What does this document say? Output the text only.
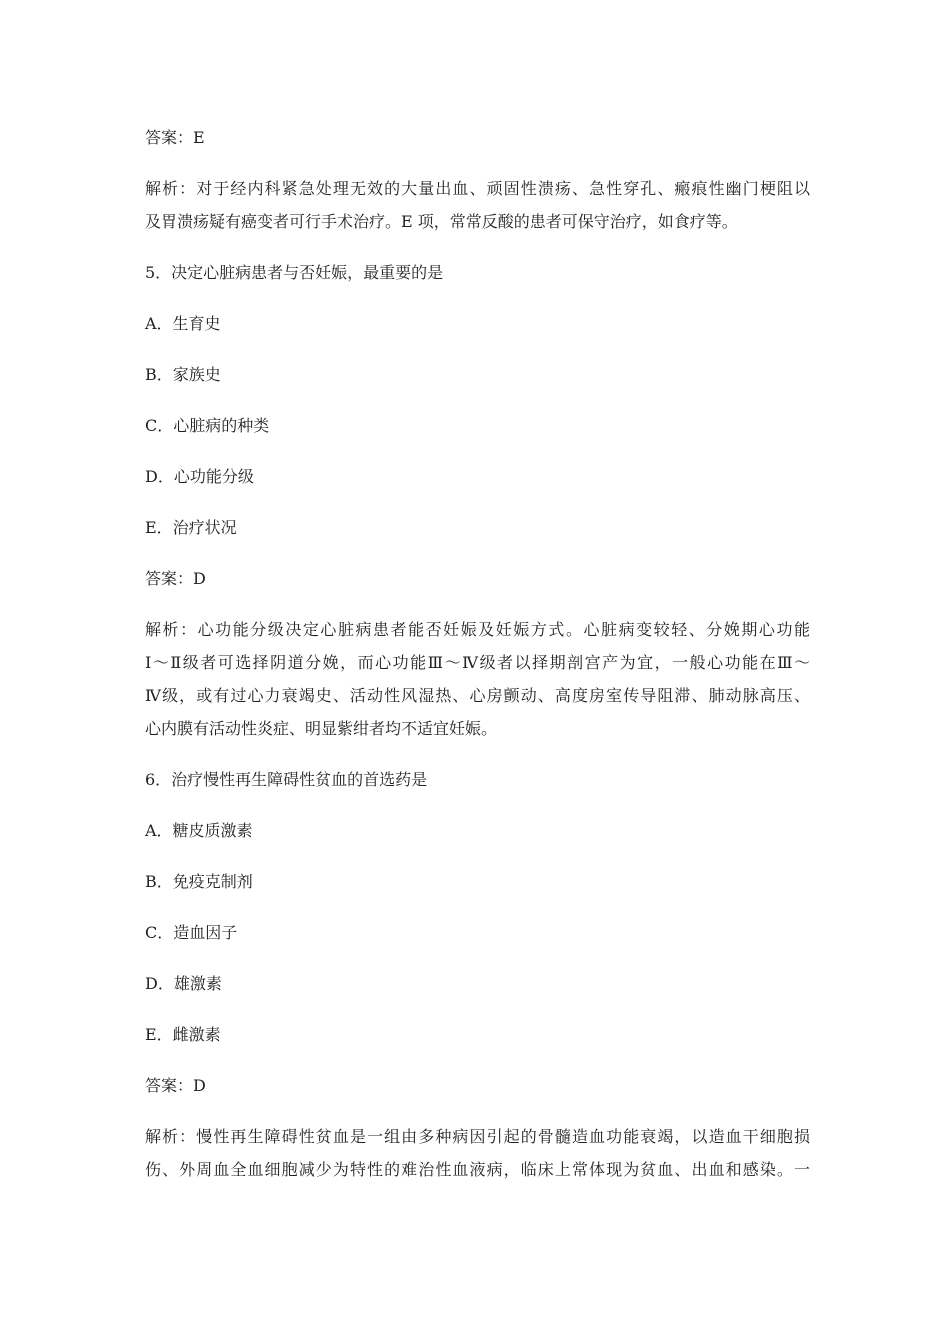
答案：E
解析：对于经内科紧急处理无效的大量出血、顽固性溃疡、急性穿孔、瘢痕性幽门梗阻以
及胃溃疡疑有癌变者可行手术治疗。E 项，常常反酸的患者可保守治疗，如食疗等。
5．决定心脏病患者与否妊娠，最重要的是
A．生育史
B．家族史
C．心脏病的种类
D．心功能分级
E．治疗状况
答案：D
解析：心功能分级决定心脏病患者能否妊娠及妊娠方式。心脏病变较轻、分娩期心功能
Ⅰ～Ⅱ级者可选择阴道分娩，而心功能Ⅲ～Ⅳ级者以择期剖宫产为宜，一般心功能在Ⅲ～
Ⅳ级，或有过心力衰竭史、活动性风湿热、心房颤动、高度房室传导阻滞、肺动脉高压、
心内膜有活动性炎症、明显紫绀者均不适宜妊娠。
6．治疗慢性再生障碍性贫血的首选药是
A．糖皮质激素
B．免疫克制剂
C．造血因子
D．雄激素
E．雌激素
答案：D
解析：慢性再生障碍性贫血是一组由多种病因引起的骨髓造血功能衰竭，以造血干细胞损
伤、外周血全血细胞减少为特性的难治性血液病，临床上常体现为贫血、出血和感染。一
